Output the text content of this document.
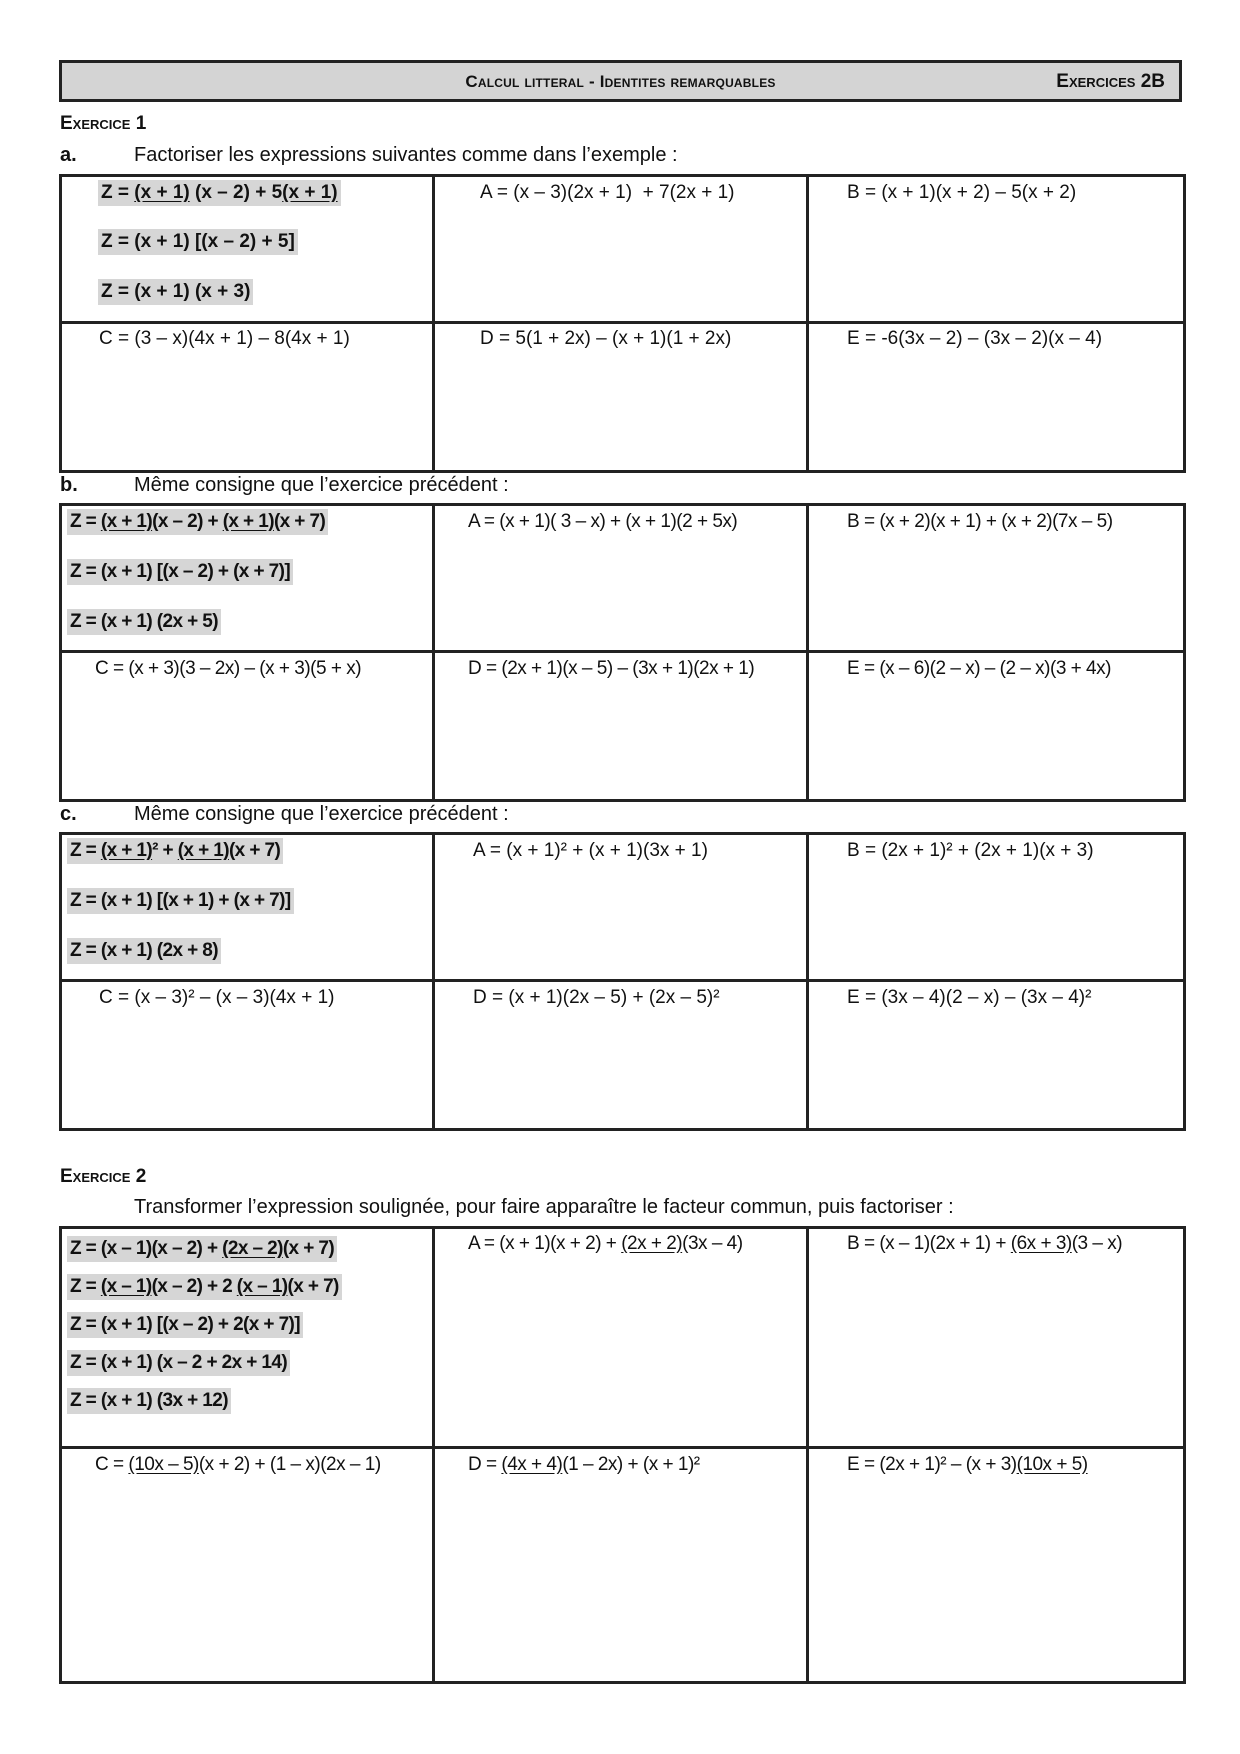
Calcul litteral - Identites remarquables	Exercices 2B
Exercice 1
a.	Factoriser les expressions suivantes comme dans l’exemple :
Z = (x + 1) (x – 2) + 5(x + 1)
Z = (x + 1) [(x – 2) + 5]
Z = (x + 1) (x + 3)	A = (x – 3)(2x + 1)  + 7(2x + 1)	B = (x + 1)(x + 2) – 5(x + 2)

C = (3 – x)(4x + 1) – 8(4x + 1)	D = 5(1 + 2x) – (x + 1)(1 + 2x)	E = -6(3x – 2) – (3x – 2)(x – 4)
b.	Même consigne que l’exercice précédent :
Z = (x + 1)(x – 2) + (x + 1)(x + 7)
Z = (x + 1) [(x – 2) + (x + 7)]
Z = (x + 1) (2x + 5)	A = (x + 1)( 3 – x) + (x + 1)(2 + 5x)	B = (x + 2)(x + 1) + (x + 2)(7x – 5)

C = (x + 3)(3 – 2x) – (x + 3)(5 + x)	D = (2x + 1)(x – 5) – (3x + 1)(2x + 1)	E = (x – 6)(2 – x) – (2 – x)(3 + 4x)
c.	Même consigne que l’exercice précédent :
Z = (x + 1)² + (x + 1)(x + 7)
Z = (x + 1) [(x + 1) + (x + 7)]
Z = (x + 1) (2x + 8)	A = (x + 1)² + (x + 1)(3x + 1)	B = (2x + 1)² + (2x + 1)(x + 3)

C = (x – 3)² – (x – 3)(4x + 1)	D = (x + 1)(2x – 5) + (2x – 5)²	E = (3x – 4)(2 – x) – (3x – 4)²
Exercice 2
Transformer l’expression soulignée, pour faire apparaître le facteur commun, puis factoriser :
Z = (x – 1)(x – 2) + (2x – 2)(x + 7)
Z = (x – 1)(x – 2) + 2 (x – 1)(x + 7)
Z = (x + 1) [(x – 2) + 2(x + 7)]
Z = (x + 1) (x – 2 + 2x + 14)
Z = (x + 1) (3x + 12)	A = (x + 1)(x + 2) + (2x + 2)(3x – 4)	B = (x – 1)(2x + 1) + (6x + 3)(3 – x)

C = (10x – 5)(x + 2) + (1 – x)(2x – 1)	D = (4x + 4)(1 – 2x) + (x + 1)²	E = (2x + 1)² – (x + 3)(10x + 5)
